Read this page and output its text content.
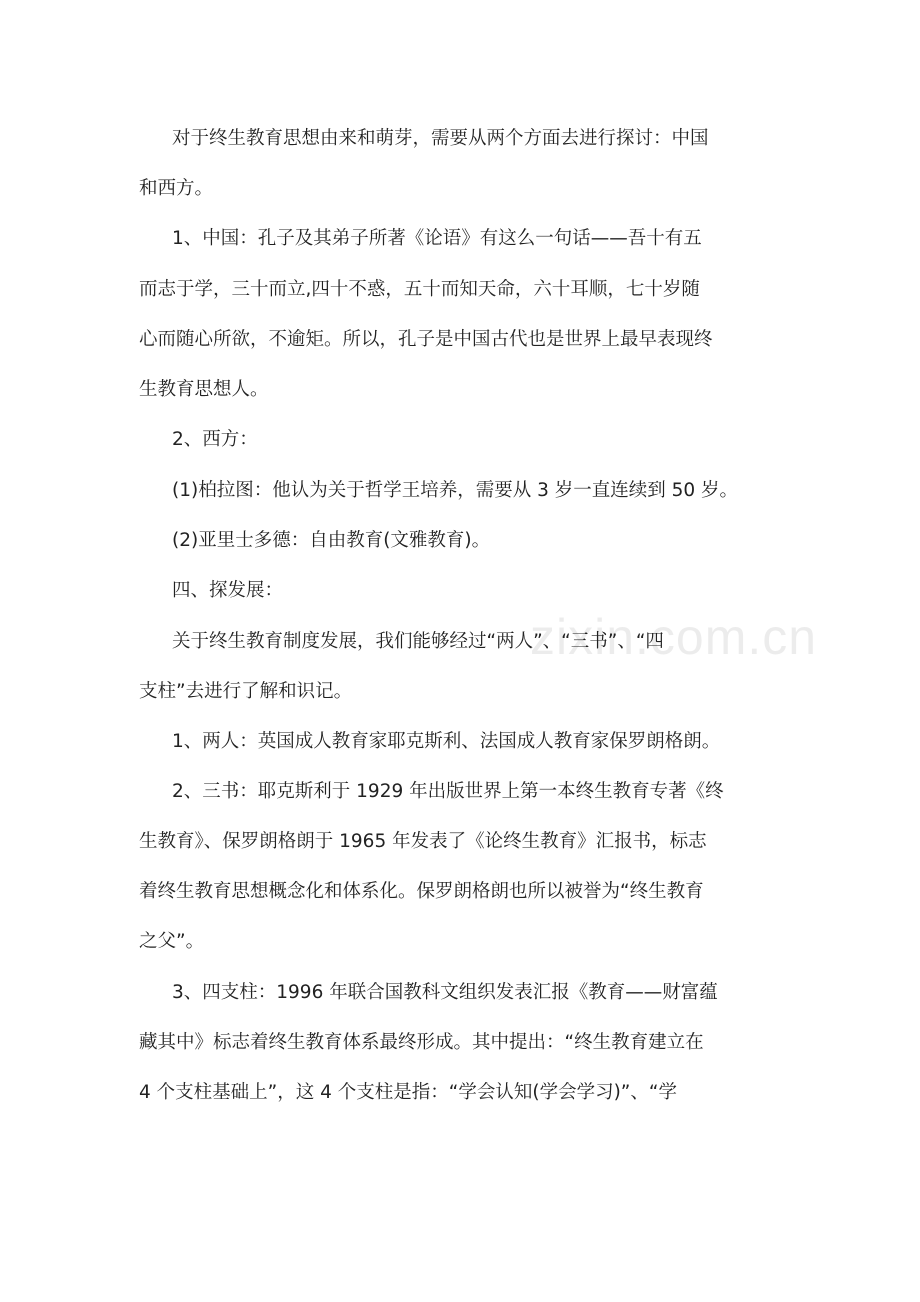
对于终生教育思想由来和萌芽，需要从两个方面去进行探讨：中国
和西方。
1、中国：孔子及其弟子所著《论语》有这么一句话——吾十有五
而志于学，三十而立,四十不惑，五十而知天命，六十耳顺，七十岁随
心而随心所欲，不逾矩。所以，孔子是中国古代也是世界上最早表现终
生教育思想人。
2、西方：
(1)柏拉图：他认为关于哲学王培养，需要从 3 岁一直连续到 50 岁。
(2)亚里士多德：自由教育(文雅教育)。
四、探发展：
关于终生教育制度发展，我们能够经过“两人”、“三书”、“四
支柱”去进行了解和识记。
1、两人：英国成人教育家耶克斯利、法国成人教育家保罗朗格朗。
2、三书：耶克斯利于 1929 年出版世界上第一本终生教育专著《终
生教育》、保罗朗格朗于 1965 年发表了《论终生教育》汇报书，标志
着终生教育思想概念化和体系化。保罗朗格朗也所以被誉为“终生教育
之父”。
3、四支柱：1996 年联合国教科文组织发表汇报《教育——财富蕴
藏其中》标志着终生教育体系最终形成。其中提出：“终生教育建立在
4 个支柱基础上”，这 4 个支柱是指：“学会认知(学会学习)”、“学
zixin.com.cn
